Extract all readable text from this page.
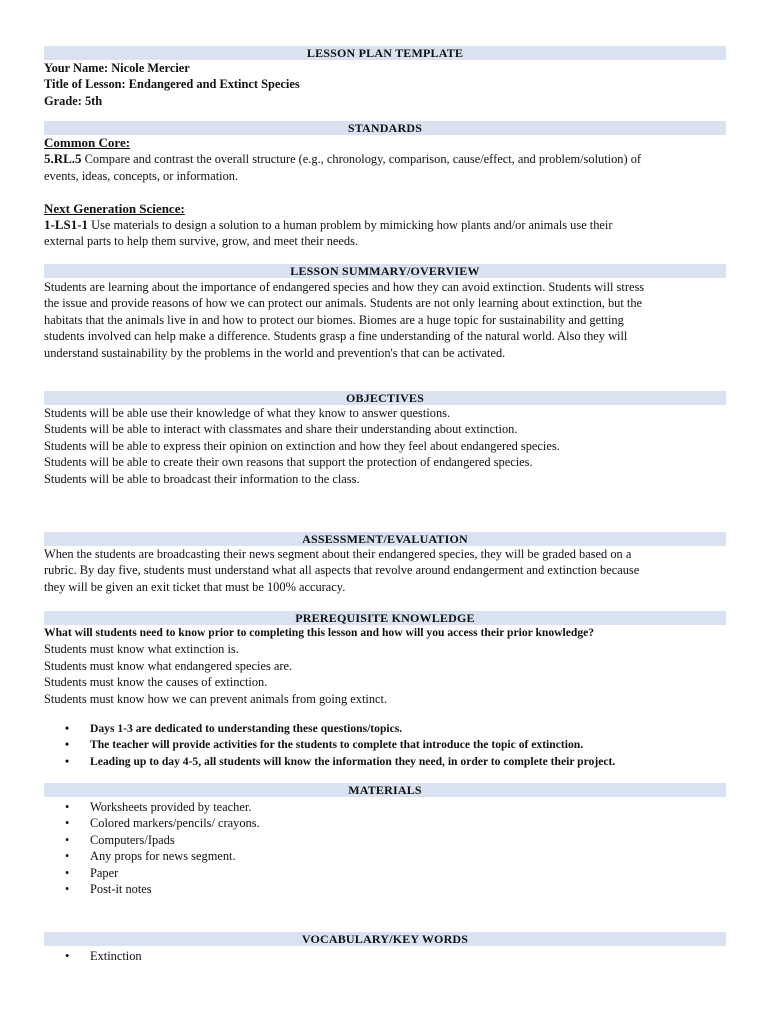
LESSON PLAN TEMPLATE
Your Name: Nicole Mercier
Title of Lesson: Endangered and Extinct Species
Grade: 5th
STANDARDS
Common Core:
5.RL.5 Compare and contrast the overall structure (e.g., chronology, comparison, cause/effect, and problem/solution) of
events, ideas, concepts, or information.

Next Generation Science:
1-LS1-1 Use materials to design a solution to a human problem by mimicking how plants and/or animals use their
external parts to help them survive, grow, and meet their needs.
LESSON SUMMARY/OVERVIEW
Students are learning about the importance of endangered species and how they can avoid extinction. Students will stress
the issue and provide reasons of how we can protect our animals. Students are not only learning about extinction, but the
habitats that the animals live in and how to protect our biomes. Biomes are a huge topic for sustainability and getting
students involved can help make a difference. Students grasp a fine understanding of the natural world. Also they will
understand sustainability by the problems in the world and prevention's that can be activated.
OBJECTIVES
Students will be able use their knowledge of what they know to answer questions.
Students will be able to interact with classmates and share their understanding about extinction.
Students will be able to express their opinion on extinction and how they feel about endangered species.
Students will be able to create their own reasons that support the protection of endangered species.
Students will be able to broadcast their information to the class.
ASSESSMENT/EVALUATION
When the students are broadcasting their news segment about their endangered species, they will be graded based on a
rubric. By day five, students must understand what all aspects that revolve around endangerment and extinction because
they will be given an exit ticket that must be 100% accuracy.
PREREQUISITE KNOWLEDGE
What will students need to know prior to completing this lesson and how will you access their prior knowledge?
Students must know what extinction is.
Students must know what endangered species are.
Students must know the causes of extinction.
Students must know how we can prevent animals from going extinct.
• Days 1-3 are dedicated to understanding these questions/topics.
• The teacher will provide activities for the students to complete that introduce the topic of extinction.
• Leading up to day 4-5, all students will know the information they need, in order to complete their project.
MATERIALS
• Worksheets provided by teacher.
• Colored markers/pencils/ crayons.
• Computers/Ipads
• Any props for news segment.
• Paper
• Post-it notes
VOCABULARY/KEY WORDS
• Extinction
